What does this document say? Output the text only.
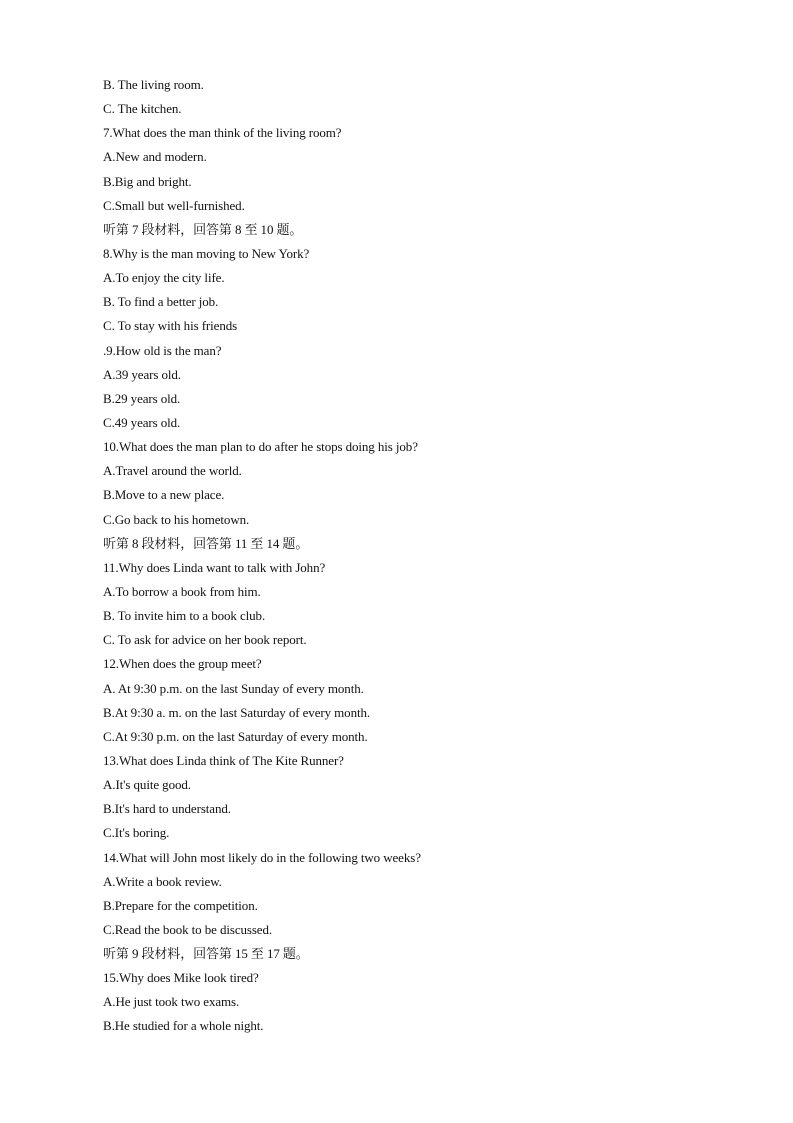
B. The living room.
C. The kitchen.
7.What does the man think of the living room?
A.New and modern.
B.Big and bright.
C.Small but well-furnished.
听第 7 段材料，回答第 8 至 10 题。
8.Why is the man moving to New York?
A.To enjoy the city life.
B. To find a better job.
C. To stay with his friends
.9.How old is the man?
A.39 years old.
B.29 years old.
C.49 years old.
10.What does the man plan to do after he stops doing his job?
A.Travel around the world.
B.Move to a new place.
C.Go back to his hometown.
听第 8 段材料，回答第 11 至 14 题。
11.Why does Linda want to talk with John?
A.To borrow a book from him.
B. To invite him to a book club.
C. To ask for advice on her book report.
12.When does the group meet?
A. At 9:30 p.m. on the last Sunday of every month.
B.At 9:30 a. m. on the last Saturday of every month.
C.At 9:30 p.m. on the last Saturday of every month.
13.What does Linda think of The Kite Runner?
A.It's quite good.
B.It's hard to understand.
C.It's boring.
14.What will John most likely do in the following two weeks?
A.Write a book review.
B.Prepare for the competition.
C.Read the book to be discussed.
听第 9 段材料，回答第 15 至 17 题。
15.Why does Mike look tired?
A.He just took two exams.
B.He studied for a whole night.
